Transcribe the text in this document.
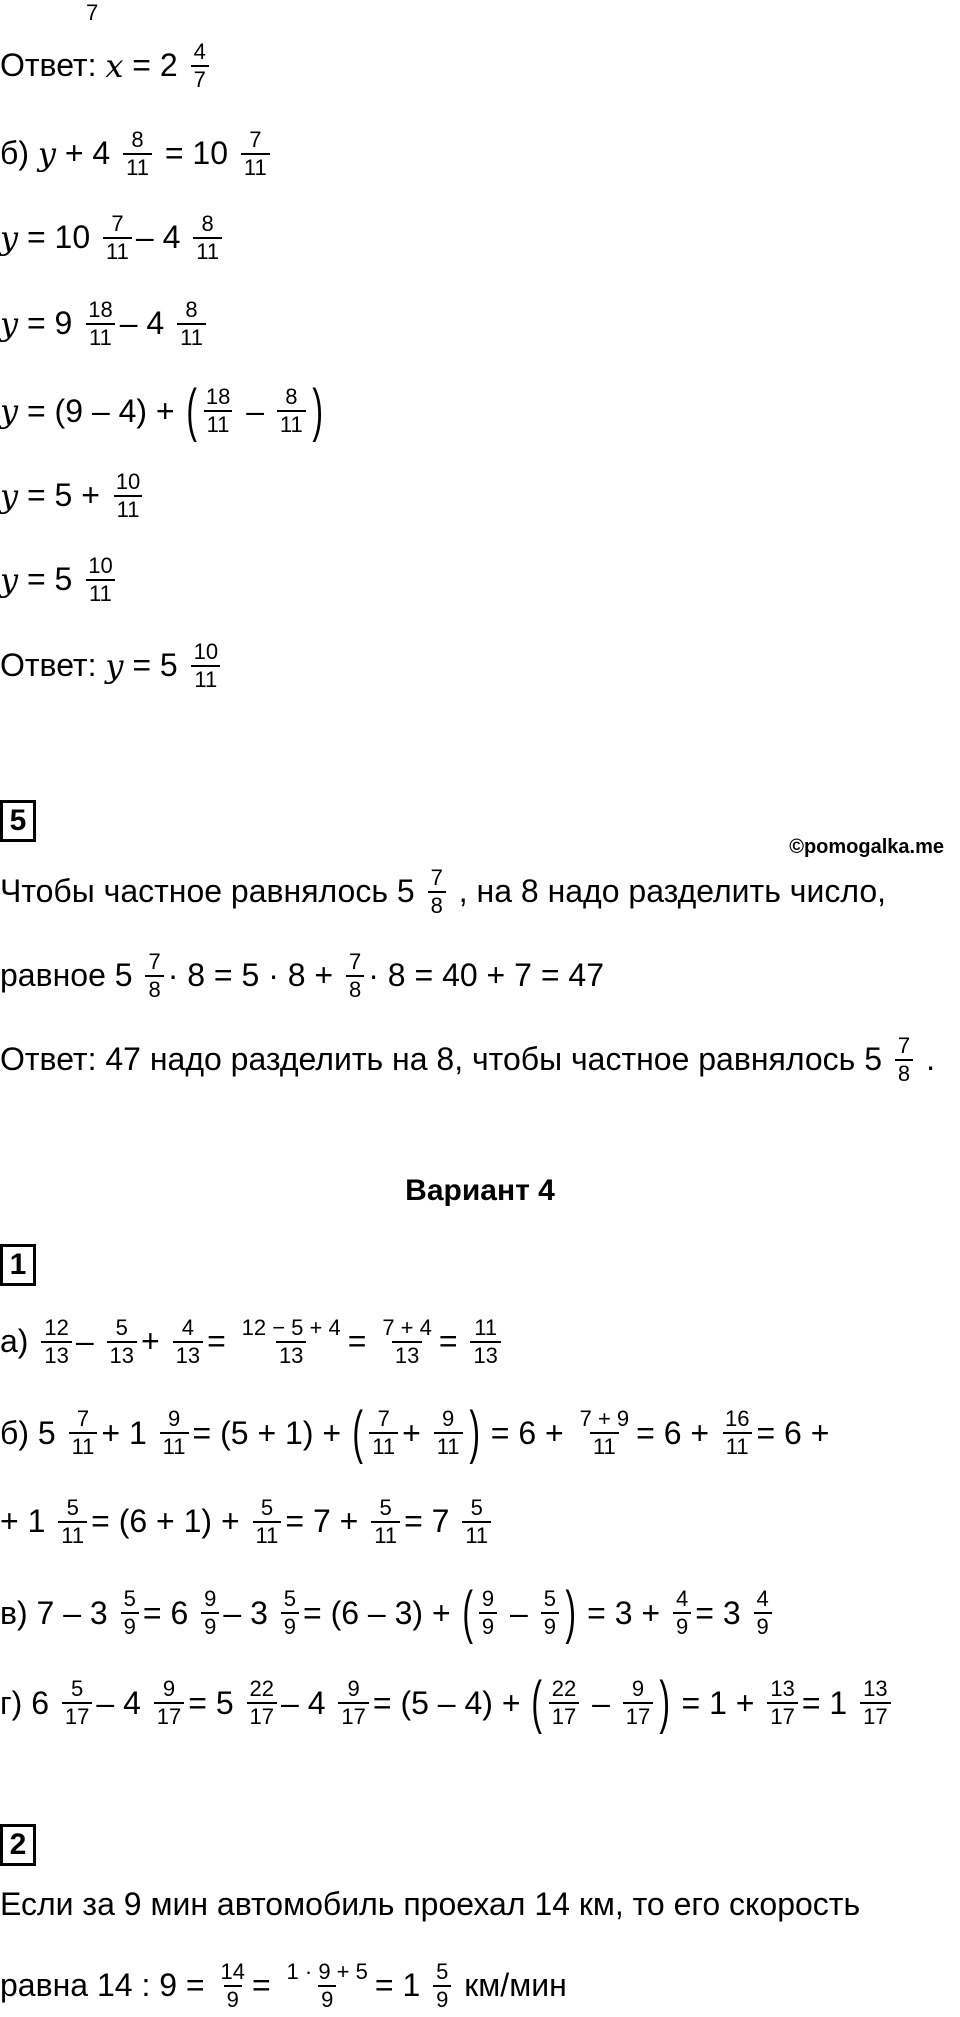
7
Вариант 4
©pomogalka.me
Ответ: $x = 2 \frac{4}{7}$
б) $y + 4 \frac{8}{11} = 10 \frac{7}{11}$
$y = 10 \frac{7}{11} - 4 \frac{8}{11}$
$y = 9 \frac{18}{11} - 4 \frac{8}{11}$
y = (9 – 4) + ( $\frac{18}{11} - \frac{8}{11}$ )
$y = 5 + \frac{10}{11}$
$y = 5 \frac{10}{11}$
Ответ: $y = 5 \frac{10}{11}$
Чтобы частное равнялось $5 \frac{7}{8}$ , на 8 надо разделить число,
равное $5 \frac{7}{8} \cdot 8 = 5 \cdot 8 + \frac{7}{8} \cdot 8 = 40 + 7 = 47$
Ответ: 47 надо разделить на 8, чтобы частное равнялось $5 \frac{7}{8}$ .
$а) \frac{12}{13} - \frac{5}{13} + \frac{4}{13} = \frac{12 - 5 + 4}{13} = \frac{7 + 4}{13} = \frac{11}{13}$
б) $5 \frac{7}{11} + 1 \frac{9}{11} = (5 + 1)$ + ( $\frac{7}{11} + \frac{9}{11}$ ) = $6 + \frac{7 + 9}{11} = 6 + \frac{16}{11} = 6$ +
+ $1 \frac{5}{11} = (6 + 1) + \frac{5}{11} = 7 + \frac{5}{11} = 7 \frac{5}{11}$
в) $7 - 3 \frac{5}{9} = 6 \frac{9}{9} - 3 \frac{5}{9} = (6 - 3)$ + ( $\frac{9}{9} - \frac{5}{9}$ ) = $3 + \frac{4}{9} = 3 \frac{4}{9}$
г) $6 \frac{5}{17} - 4 \frac{9}{17} = 5 \frac{22}{17} - 4 \frac{9}{17} = (5 - 4)$ + ( $\frac{22}{17} - \frac{9}{17}$ ) = $1 + \frac{13}{17} = 1 \frac{13}{17}$
Если за 9 мин автомобиль проехал 14 км, то его скорость
равна 14 : $9 = \frac{14}{9} = \frac{1 \cdot 9 + 5}{9} = 1 \frac{5}{9} км/мин$
5
1
2
